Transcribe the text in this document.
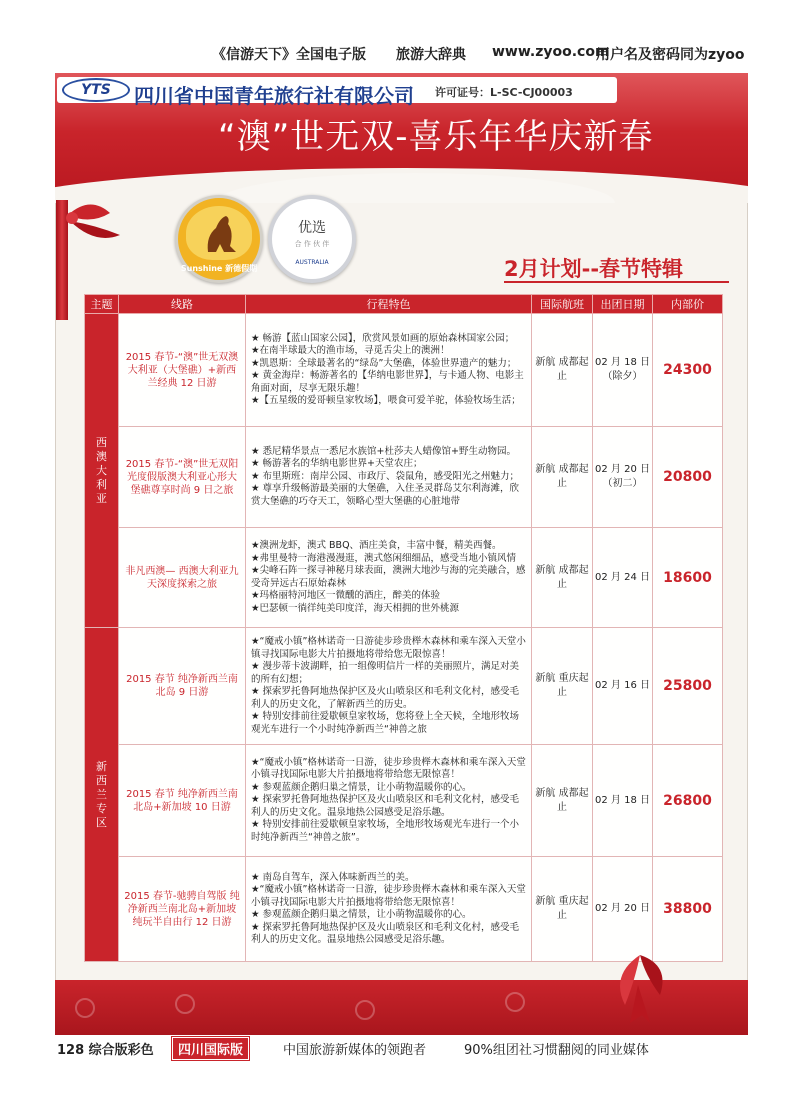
《信游天下》全国电子版 旅游大辞典 www.zyoo.com
用户名及密码同为zyoo
YTS	四川省中国青年旅行社有限公司 许可证号：L-SC-CJ00003
“澳”世无双-喜乐年华庆新春
Sunshine 新德假期
优选
合 作 伙 伴
AUSTRALIA	2月计划--春节特辑
主题	线路	行程特色	国际航班	出团日期	内部价
西澳大利亚	2015 春节-“澳”世无双澳大利亚（大堡礁）+新西兰经典 12 日游	★ 畅游【蓝山国家公园】，欣赏风景如画的原始森林国家公园；
★在南半球最大的渔市场，寻觅舌尖上的澳洲！
★凯恩斯：全球最著名的“绿岛”大堡礁，体验世界遗产的魅力；
★ 黄金海岸：畅游著名的【华纳电影世界】，与卡通人物、电影主角面对面，尽享无限乐趣！
★【五星级的爱哥顿皇家牧场】，喂食可爱羊驼，体验牧场生活；	新航 成都起止	02 月 18 日 （除夕）	24300
	2015 春节-“澳”世无双阳光度假版澳大利亚心形大堡礁尊享时尚 9 日之旅	★ 悉尼精华景点一悉尼水族馆+杜莎夫人蜡像馆+野生动物园。
★ 畅游著名的华纳电影世界+天堂农庄；
★ 布里斯班：南岸公园、市政厅、袋鼠角，感受阳光之州魅力；
★ 尊享升级畅游最美丽的大堡礁，入住圣灵群岛艾尔利海滩，欣赏大堡礁的巧夺天工，领略心型大堡礁的心脏地带	新航 成都起止	02 月 20 日 （初二）	20800
	非凡西澳— 西澳大利亚九天深度探索之旅	★澳洲龙虾，澳式 BBQ、酒庄美食，丰富中餐，精美西餐。
★弗里曼特一海港漫漫逛，澳式悠闲细细品，感受当地小镇风情
★尖峰石阵一探寻神秘月球表面，澳洲大地沙与海的完美融合，感受奇异远古石原始森林
★玛格丽特河地区一微醺的酒庄，醉美的体验
★巴瑟顿一徜徉纯美印度洋，海天相拥的世外桃源	新航 成都起止	02 月 24 日	18600
新西兰专区	2015 春节 纯净新西兰南北岛 9 日游	★“魔戒小镇”格林诺奇一日游徒步珍贵榉木森林和乘车深入天堂小镇寻找国际电影大片拍摄地将带给您无限惊喜！
★ 漫步蒂卡波湖畔，拍一组像明信片一样的美丽照片，满足对美的所有幻想；
★ 探索罗托鲁阿地热保护区及火山喷泉区和毛利文化村，感受毛利人的历史文化，了解新西兰的历史。
★ 特别安排前往爱歇顿皇家牧场，您将登上全天候，全地形牧场观光车进行一个小时纯净新西兰“神兽之旅	新航 重庆起止	02 月 16 日	25800
	2015 春节 纯净新西兰南北岛+新加坡 10 日游	★“魔戒小镇”格林诺奇一日游，徒步珍贵榉木森林和乘车深入天堂小镇寻找国际电影大片拍摄地将带给您无限惊喜！
★ 参观蓝颜企鹅归巢之情景，让小萌物温暖你的心。
★ 探索罗托鲁阿地热保护区及火山喷泉区和毛利文化村，感受毛利人的历史文化。温泉地热公园感受足浴乐趣。
★ 特别安排前往爱歇顿皇家牧场，全地形牧场观光车进行一个小时纯净新西兰“神兽之旅”。	新航 成都起止	02 月 18 日	26800
	2015 春节-驰骋自驾版 纯净新西兰南北岛+新加坡纯玩半自由行 12 日游	★ 南岛自驾车，深入体味新西兰的美。
★“魔戒小镇”格林诺奇一日游，徒步珍贵榉木森林和乘车深入天堂小镇寻找国际电影大片拍摄地将带给您无限惊喜！
★ 参观蓝颜企鹅归巢之情景，让小萌物温暖你的心。
★ 探索罗托鲁阿地热保护区及火山喷泉区和毛利文化村，感受毛利人的历史文化。温泉地热公园感受足浴乐趣。	新航 重庆起止	02 月 20 日	38800
128 综合版彩色	四川国际版	中国旅游新媒体的领跑者	90%组团社习惯翻阅的同业媒体
